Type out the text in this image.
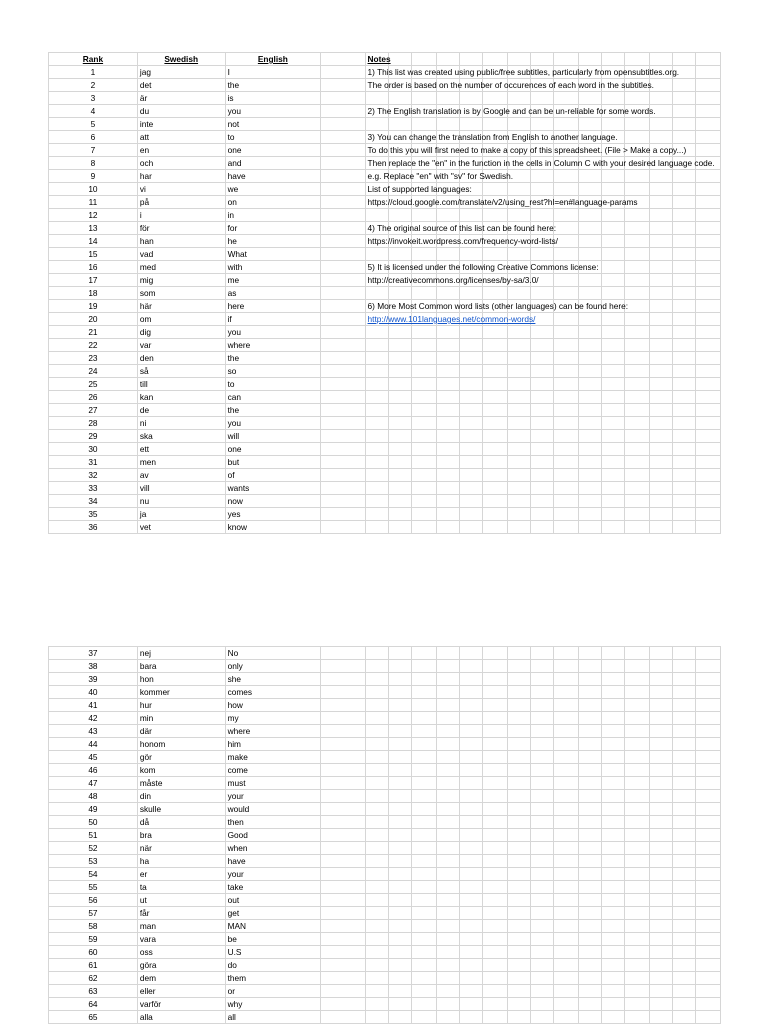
Rank	Swedish	English		Notes														
1	jag	I		1) This list was created using public/free subtitles, particularly from opensubtitles.org.														
2	det	the		The order is based on the number of occurences of each word in the subtitles.														
3	är	is																
4	du	you		2) The English translation is by Google and can be un-reliable for some words.														
5	inte	not																
6	att	to		3) You can change the translation from English to another language.														
7	en	one		To do this you will first need to make a copy of this spreadsheet. (File > Make a copy...)														
8	och	and		Then replace the "en" in the function in the cells in Column C with your desired language code.														
9	har	have		e.g. Replace "en" with "sv" for Swedish.														
10	vi	we		List of supported languages:														
11	på	on		https://cloud.google.com/translate/v2/using_rest?hl=en#language-params														
12	i	in																
13	för	for		4) The original source of this list can be found here:														
14	han	he		https://invokeit.wordpress.com/frequency-word-lists/														
15	vad	What																
16	med	with		5) It is licensed under the following Creative Commons license:														
17	mig	me		http://creativecommons.org/licenses/by-sa/3.0/														
18	som	as																
19	här	here		6) More Most Common word lists (other languages) can be found here:														
20	om	if		http://www.101languages.net/common-words/														
21	dig	you																
22	var	where																
23	den	the																
24	så	so																
25	till	to																
26	kan	can																
27	de	the																
28	ni	you																
29	ska	will																
30	ett	one																
31	men	but																
32	av	of																
33	vill	wants																
34	nu	now																
35	ja	yes																
36	vet	know																
37	nej	No																
38	bara	only																
39	hon	she																
40	kommer	comes																
41	hur	how																
42	min	my																
43	där	where																
44	honom	him																
45	gör	make																
46	kom	come																
47	måste	must																
48	din	your																
49	skulle	would																
50	då	then																
51	bra	Good																
52	när	when																
53	ha	have																
54	er	your																
55	ta	take																
56	ut	out																
57	får	get																
58	man	MAN																
59	vara	be																
60	oss	U.S																
61	göra	do																
62	dem	them																
63	eller	or																
64	varför	why																
65	alla	all																
